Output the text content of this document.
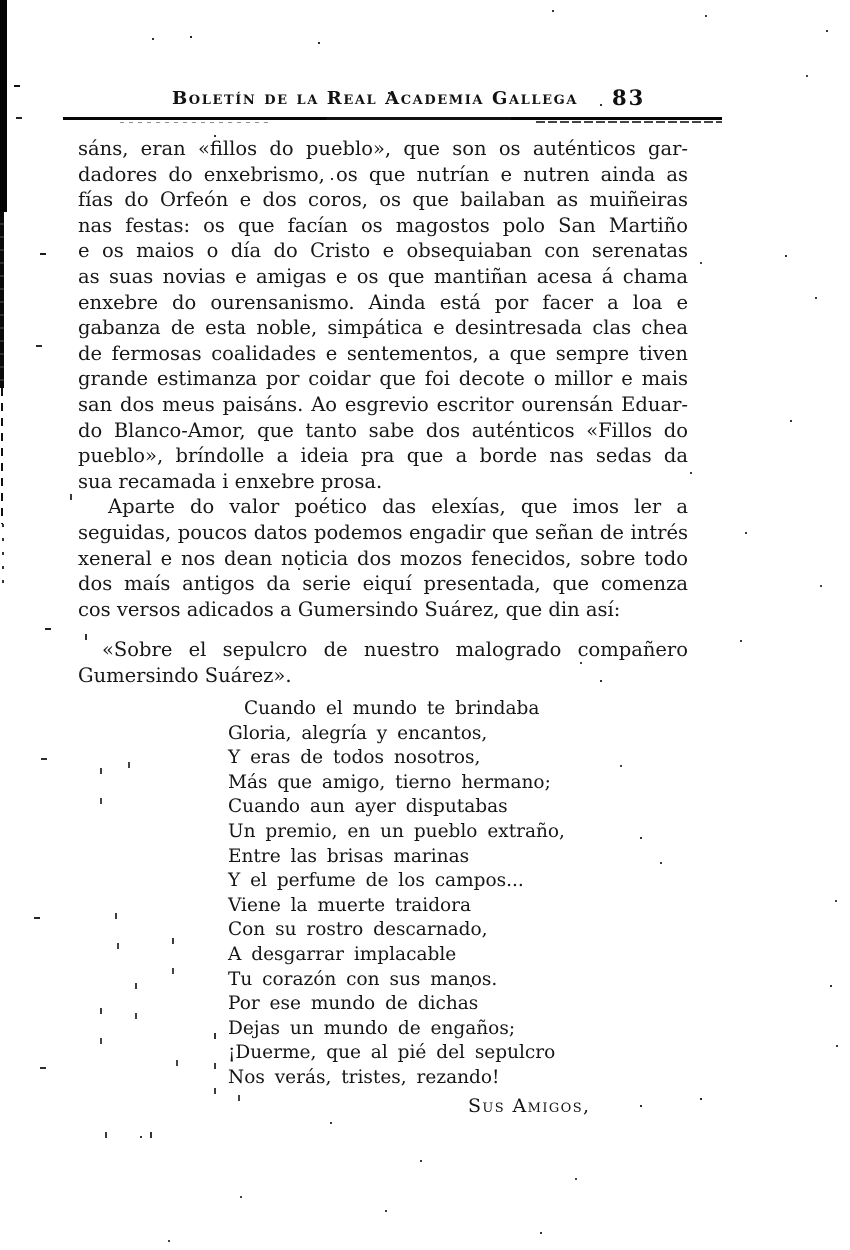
Boletín de la Real Academia Gallega	83
sáns, eran «fillos do pueblo», que son os auténticos gar-
dadores do enxebrismo, os que nutrían e nutren ainda as
fías do Orfeón e dos coros, os que bailaban as muiñeiras
nas festas: os que facían os magostos polo San Martiño
e os maios o día do Cristo e obsequiaban con serenatas
as suas novias e amigas e os que mantiñan acesa á chama
enxebre do ourensanismo. Ainda está por facer a loa e
gabanza de esta noble, simpática e desintresada clas chea
de fermosas coalidades e sentementos, a que sempre tiven
grande estimanza por coidar que foi decote o millor e mais
san dos meus paisáns. Ao esgrevio escritor ourensán Eduar-
do Blanco-Amor, que tanto sabe dos auténticos «Fillos do
pueblo», bríndolle a ideia pra que a borde nas sedas da
sua recamada i enxebre prosa.
Aparte do valor poético das elexías, que imos ler a
seguidas, poucos datos podemos engadir que señan de intrés
xeneral e nos dean noticia dos mozos fenecidos, sobre todo
dos maís antigos da serie eiquí presentada, que comenza
cos versos adicados a Gumersindo Suárez, que din así:
«Sobre el sepulcro de nuestro malogrado compañero
Gumersindo Suárez».
Cuando el mundo te brindaba
Gloria, alegría y encantos,
Y eras de todos nosotros,
Más que amigo, tierno hermano;
Cuando aun ayer disputabas
Un premio, en un pueblo extraño,
Entre las brisas marinas
Y el perfume de los campos...
Viene la muerte traidora
Con su rostro descarnado,
A desgarrar implacable
Tu corazón con sus manos.
Por ese mundo de dichas
Dejas un mundo de engaños;
¡Duerme, que al pié del sepulcro
Nos verás, tristes, rezando!
Sus Amigos,
